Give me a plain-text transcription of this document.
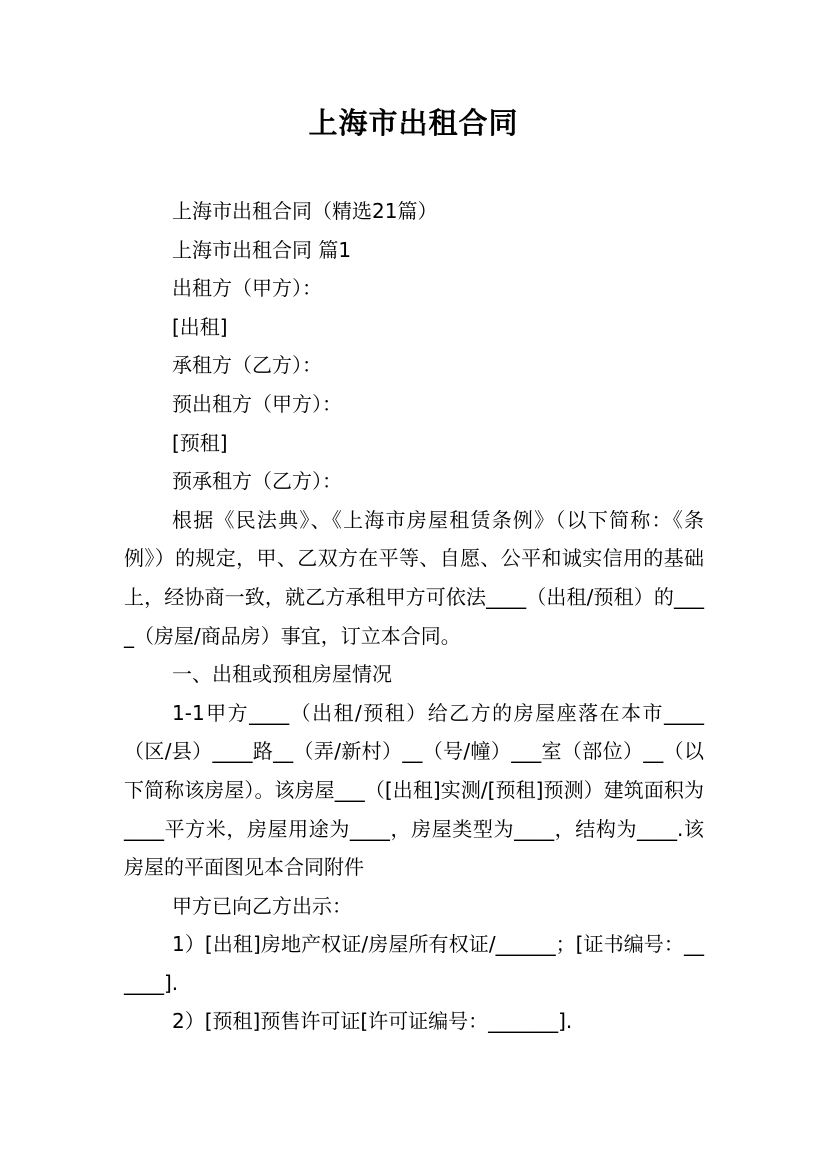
上海市出租合同

上海市出租合同（精选21篇）

上海市出租合同 篇1

出租方（甲方）：

[出租]

承租方（乙方）：

预出租方（甲方）：

[预租]

预承租方（乙方）：

根据《民法典》、《上海市房屋租赁条例》（以下简称：《条例》）的规定，甲、乙双方在平等、自愿、公平和诚实信用的基础上，经协商一致，就乙方承租甲方可依法____（出租/预租）的____（房屋/商品房）事宜，订立本合同。

一、出租或预租房屋情况

1-1甲方____（出租/预租）给乙方的房屋座落在本市____（区/县）____路__（弄/新村）__（号/幢）___室（部位）__（以下简称该房屋）。该房屋___（[出租]实测/[预租]预测）建筑面积为____平方米，房屋用途为____，房屋类型为____，结构为____.该房屋的平面图见本合同附件

甲方已向乙方出示：

1）[出租]房地产权证/房屋所有权证/______；[证书编号：______].

2）[预租]预售许可证[许可证编号：_______].
